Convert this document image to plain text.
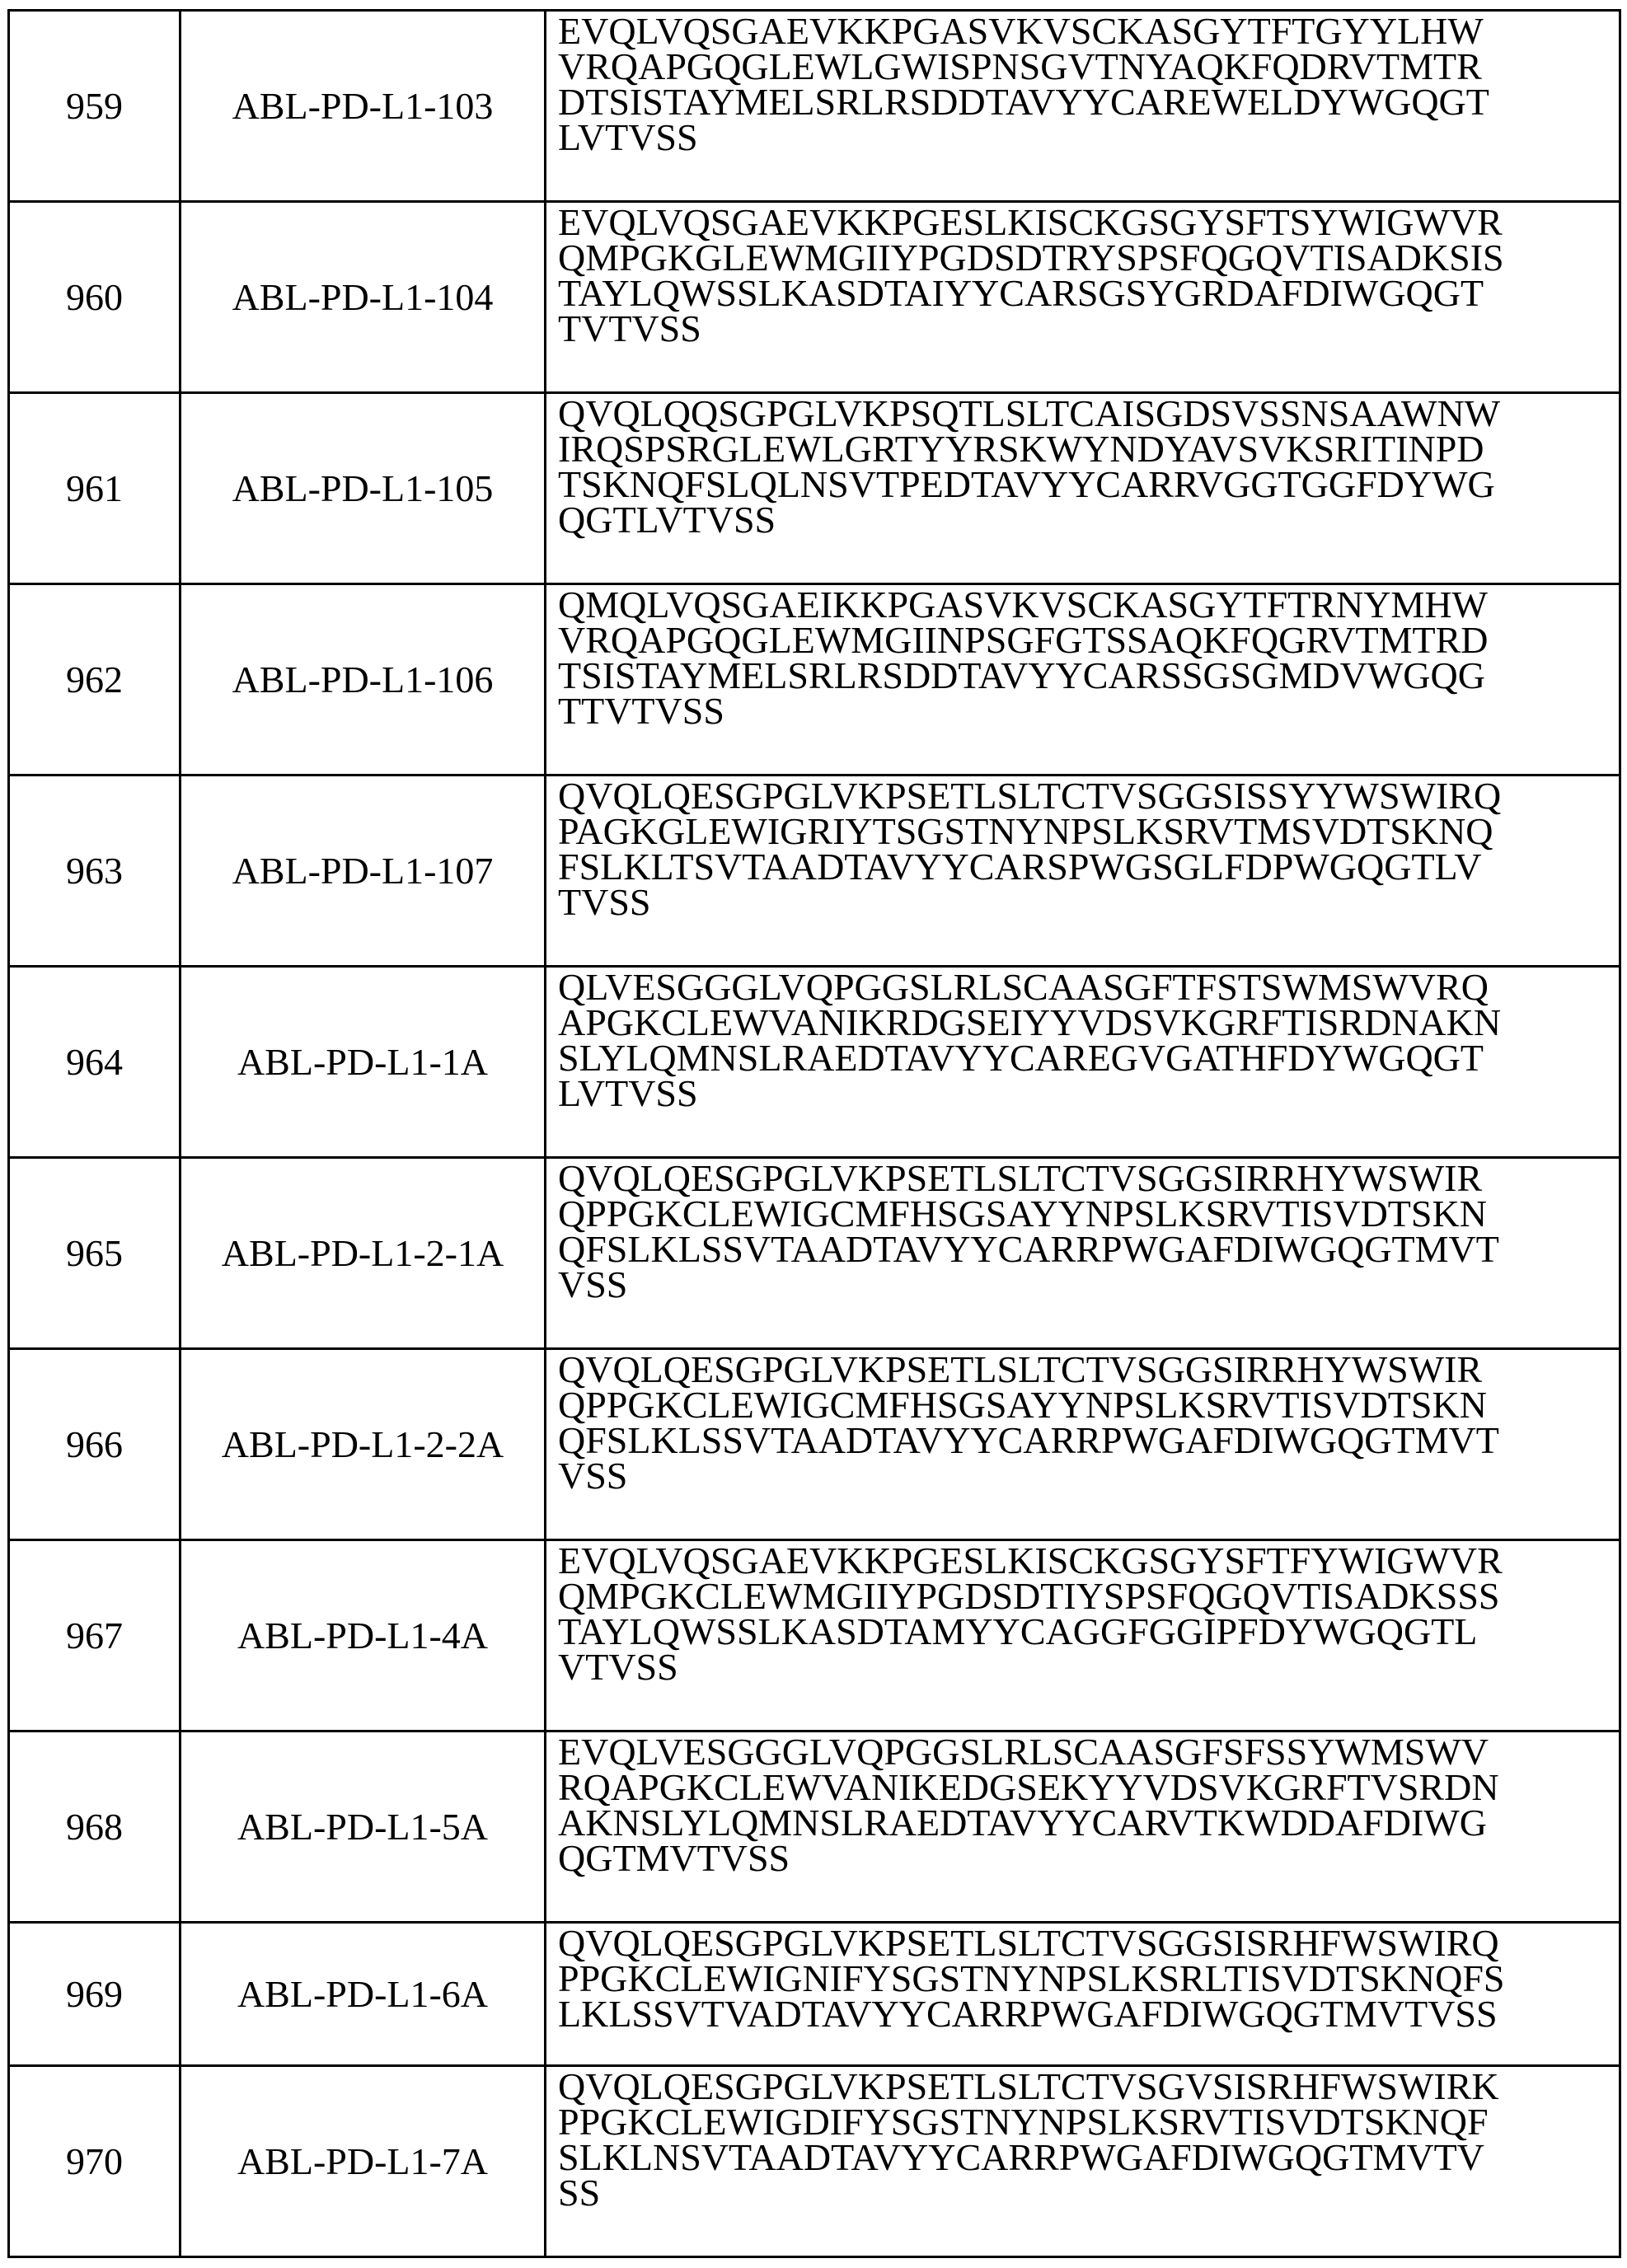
959	ABL-PD-L1-103	
EVQLVQSGAEVKKPGASVKVSCKASGYTFTGYYLHW
VRQAPGQGLEWLGWISPNSGVTNYAQKFQDRVTMTR
DTSISTAYMELSRLRSDDTAVYYCAREWELDYWGQGT
LVTVSS

960	ABL-PD-L1-104	
EVQLVQSGAEVKKPGESLKISCKGSGYSFTSYWIGWVR
QMPGKGLEWMGIIYPGDSDTRYSPSFQGQVTISADKSIS
TAYLQWSSLKASDTAIYYCARSGSYGRDAFDIWGQGT
TVTVSS

961	ABL-PD-L1-105	
QVQLQQSGPGLVKPSQTLSLTCAISGDSVSSNSAAWNW
IRQSPSRGLEWLGRTYYRSKWYNDYAVSVKSRITINPD
TSKNQFSLQLNSVTPEDTAVYYCARRVGGTGGFDYWG
QGTLVTVSS

962	ABL-PD-L1-106	
QMQLVQSGAEIKKPGASVKVSCKASGYTFTRNYMHW
VRQAPGQGLEWMGIINPSGFGTSSAQKFQGRVTMTRD
TSISTAYMELSRLRSDDTAVYYCARSSGSGMDVWGQG
TTVTVSS

963	ABL-PD-L1-107	
QVQLQESGPGLVKPSETLSLTCTVSGGSISSYYWSWIRQ
PAGKGLEWIGRIYTSGSTNYNPSLKSRVTMSVDTSKNQ
FSLKLTSVTAADTAVYYCARSPWGSGLFDPWGQGTLV
TVSS

964	ABL-PD-L1-1A	
QLVESGGGLVQPGGSLRLSCAASGFTFSTSWMSWVRQ
APGKCLEWVANIKRDGSEIYYVDSVKGRFTISRDNAKN
SLYLQMNSLRAEDTAVYYCAREGVGATHFDYWGQGT
LVTVSS

965	ABL-PD-L1-2-1A	
QVQLQESGPGLVKPSETLSLTCTVSGGSIRRHYWSWIR
QPPGKCLEWIGCMFHSGSAYYNPSLKSRVTISVDTSKN
QFSLKLSSVTAADTAVYYCARRPWGAFDIWGQGTMVT
VSS

966	ABL-PD-L1-2-2A	
QVQLQESGPGLVKPSETLSLTCTVSGGSIRRHYWSWIR
QPPGKCLEWIGCMFHSGSAYYNPSLKSRVTISVDTSKN
QFSLKLSSVTAADTAVYYCARRPWGAFDIWGQGTMVT
VSS

967	ABL-PD-L1-4A	
EVQLVQSGAEVKKPGESLKISCKGSGYSFTFYWIGWVR
QMPGKCLEWMGIIYPGDSDTIYSPSFQGQVTISADKSSS
TAYLQWSSLKASDTAMYYCAGGFGGIPFDYWGQGTL
VTVSS

968	ABL-PD-L1-5A	
EVQLVESGGGLVQPGGSLRLSCAASGFSFSSYWMSWV
RQAPGKCLEWVANIKEDGSEKYYVDSVKGRFTVSRDN
AKNSLYLQMNSLRAEDTAVYYCARVTKWDDAFDIWG
QGTMVTVSS

969	ABL-PD-L1-6A	
QVQLQESGPGLVKPSETLSLTCTVSGGSISRHFWSWIRQ
PPGKCLEWIGNIFYSGSTNYNPSLKSRLTISVDTSKNQFS
LKLSSVTVADTAVYYCARRPWGAFDIWGQGTMVTVSS

970	ABL-PD-L1-7A	
QVQLQESGPGLVKPSETLSLTCTVSGVSISRHFWSWIRK
PPGKCLEWIGDIFYSGSTNYNPSLKSRVTISVDTSKNQF
SLKLNSVTAADTAVYYCARRPWGAFDIWGQGTMVTV
SS
